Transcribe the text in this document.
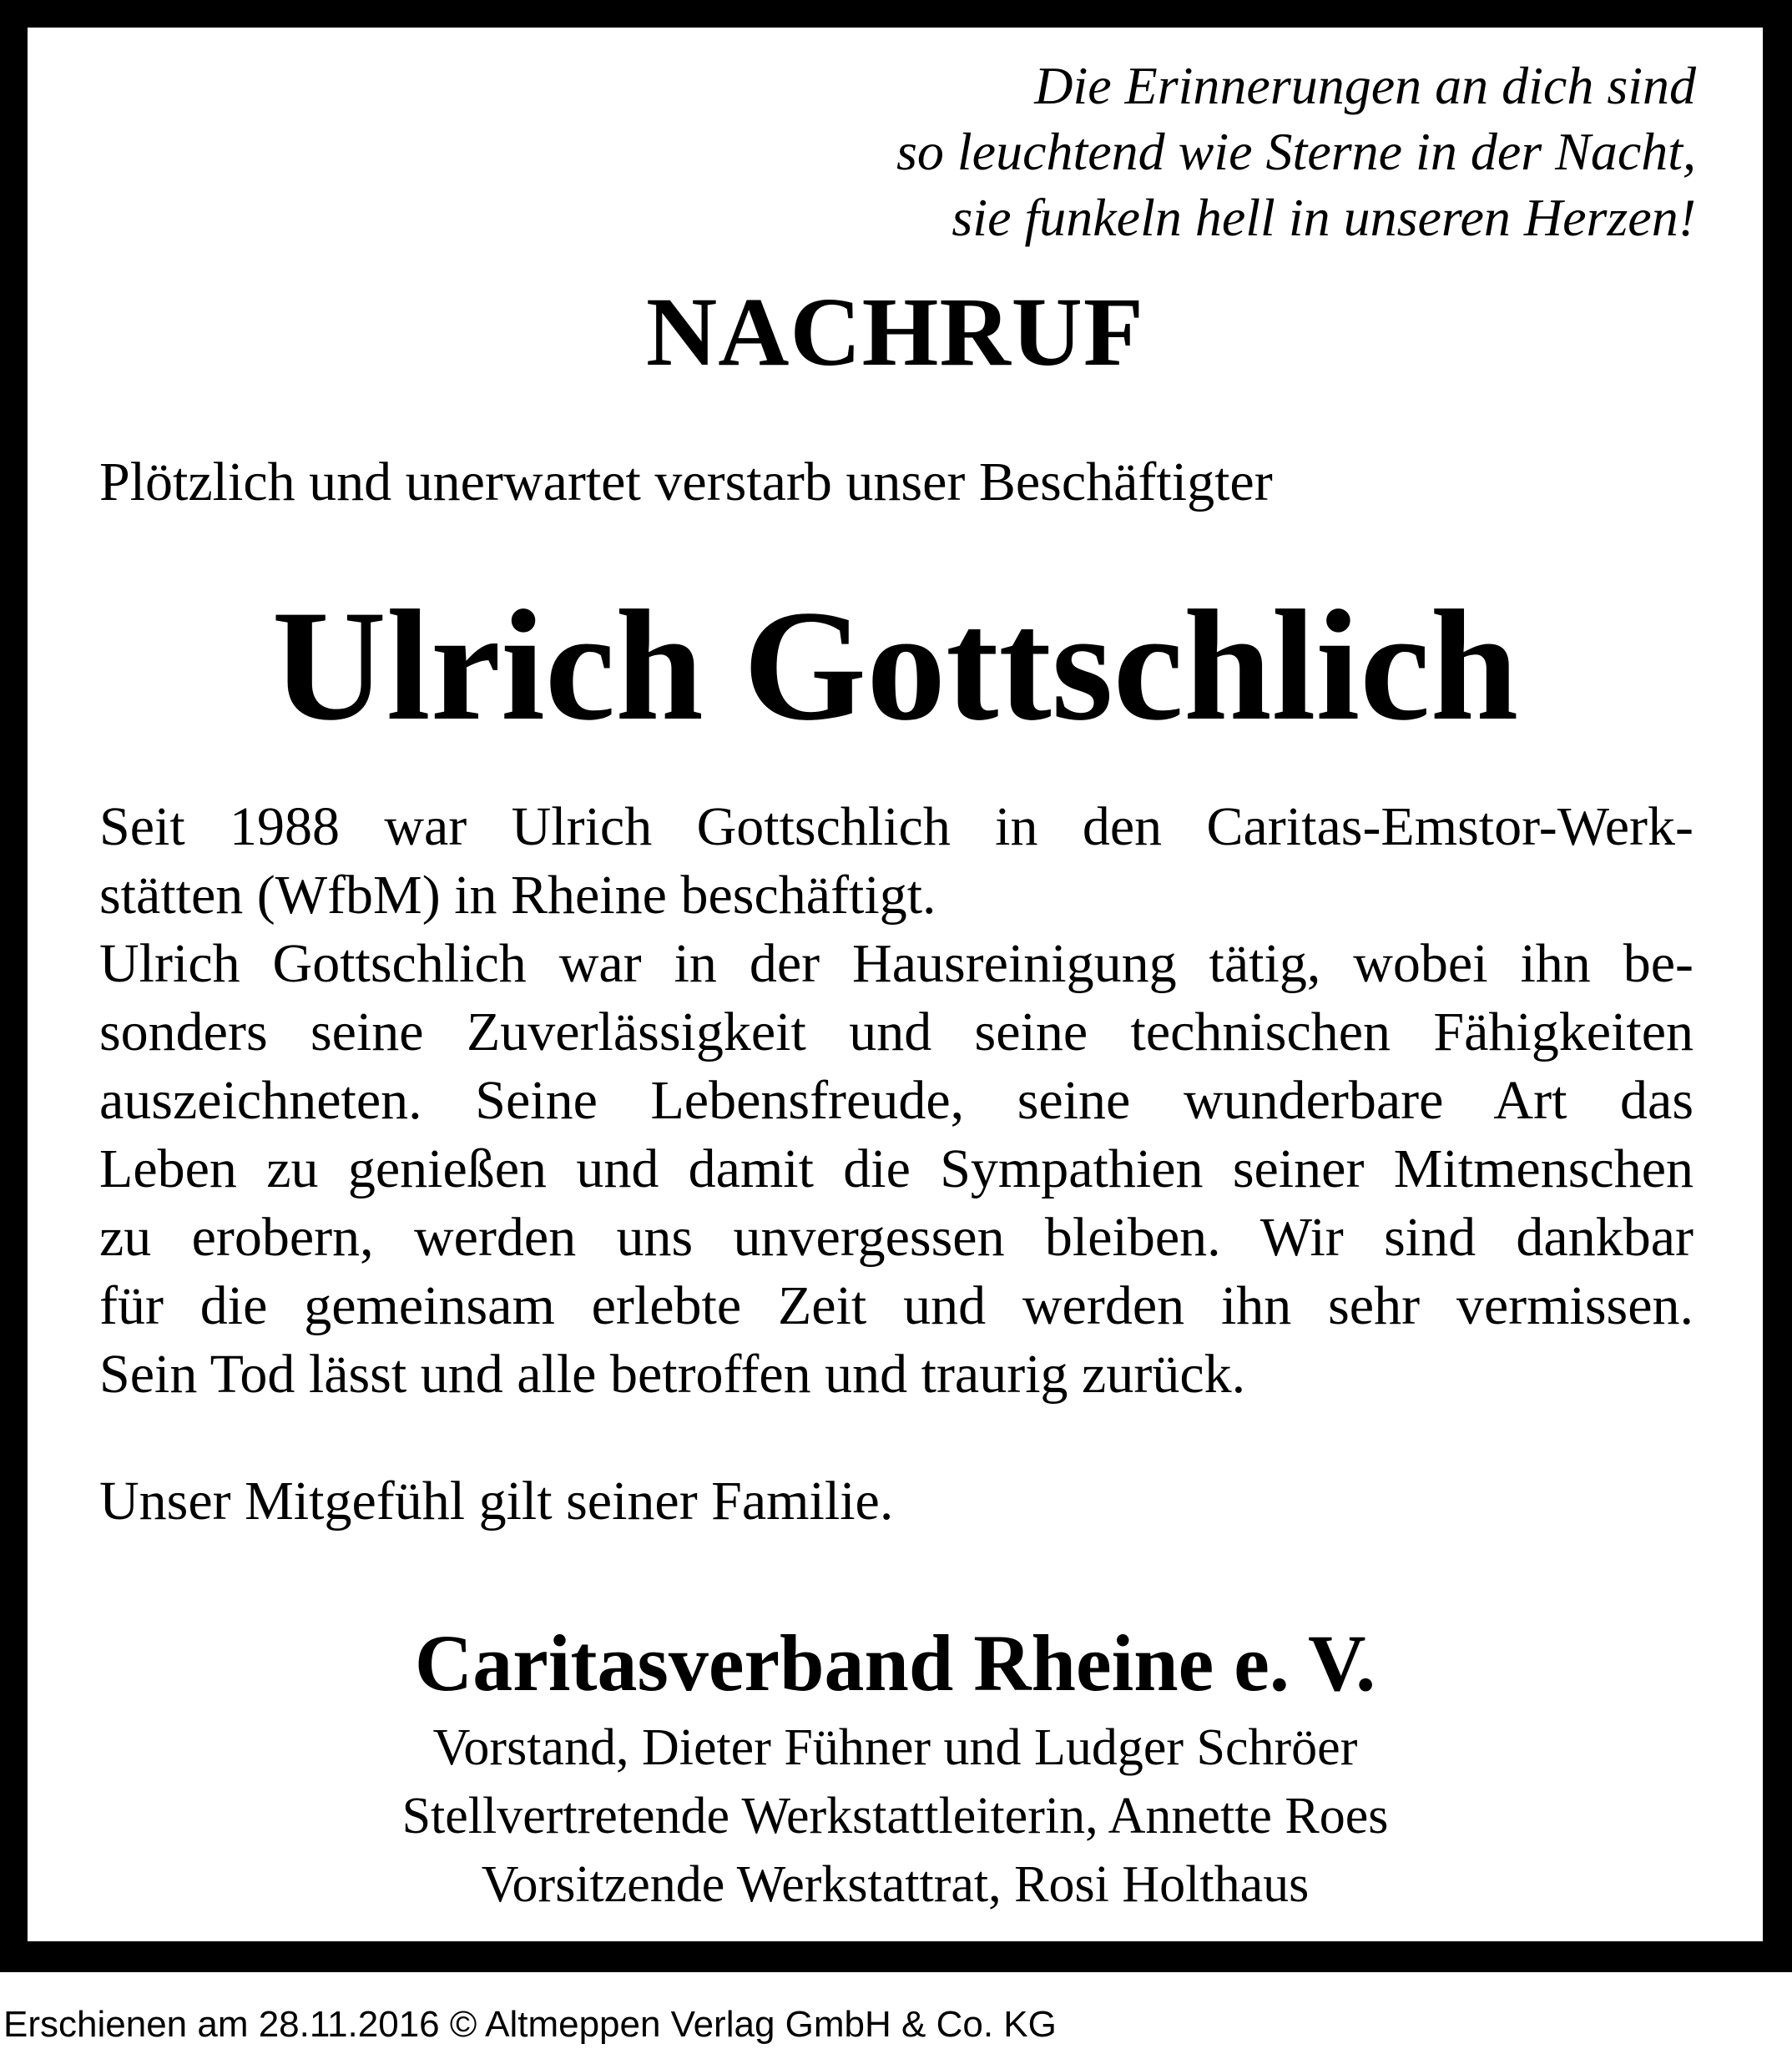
Die Erinnerungen an dich sind
so leuchtend wie Sterne in der Nacht,
sie funkeln hell in unseren Herzen!
NACHRUF
Plötzlich und unerwartet verstarb unser Beschäftigter
Ulrich Gottschlich
Seit 1988 war Ulrich Gottschlich in den Caritas-Emstor-Werk-
stätten (WfbM) in Rheine beschäftigt.
Ulrich Gottschlich war in der Hausreinigung tätig, wobei ihn be-
sonders seine Zuverlässigkeit und seine technischen Fähigkeiten
auszeichneten. Seine Lebensfreude, seine wunderbare Art das
Leben zu genießen und damit die Sympathien seiner Mitmenschen
zu erobern, werden uns unvergessen bleiben. Wir sind dankbar
für die gemeinsam erlebte Zeit und werden ihn sehr vermissen.
Sein Tod lässt und alle betroffen und traurig zurück.
Unser Mitgefühl gilt seiner Familie.
Caritasverband Rheine e. V.
Vorstand, Dieter Fühner und Ludger Schröer
Stellvertretende Werkstattleiterin, Annette Roes
Vorsitzende Werkstattrat, Rosi Holthaus
Erschienen am 28.11.2016 © Altmeppen Verlag GmbH & Co. KG
